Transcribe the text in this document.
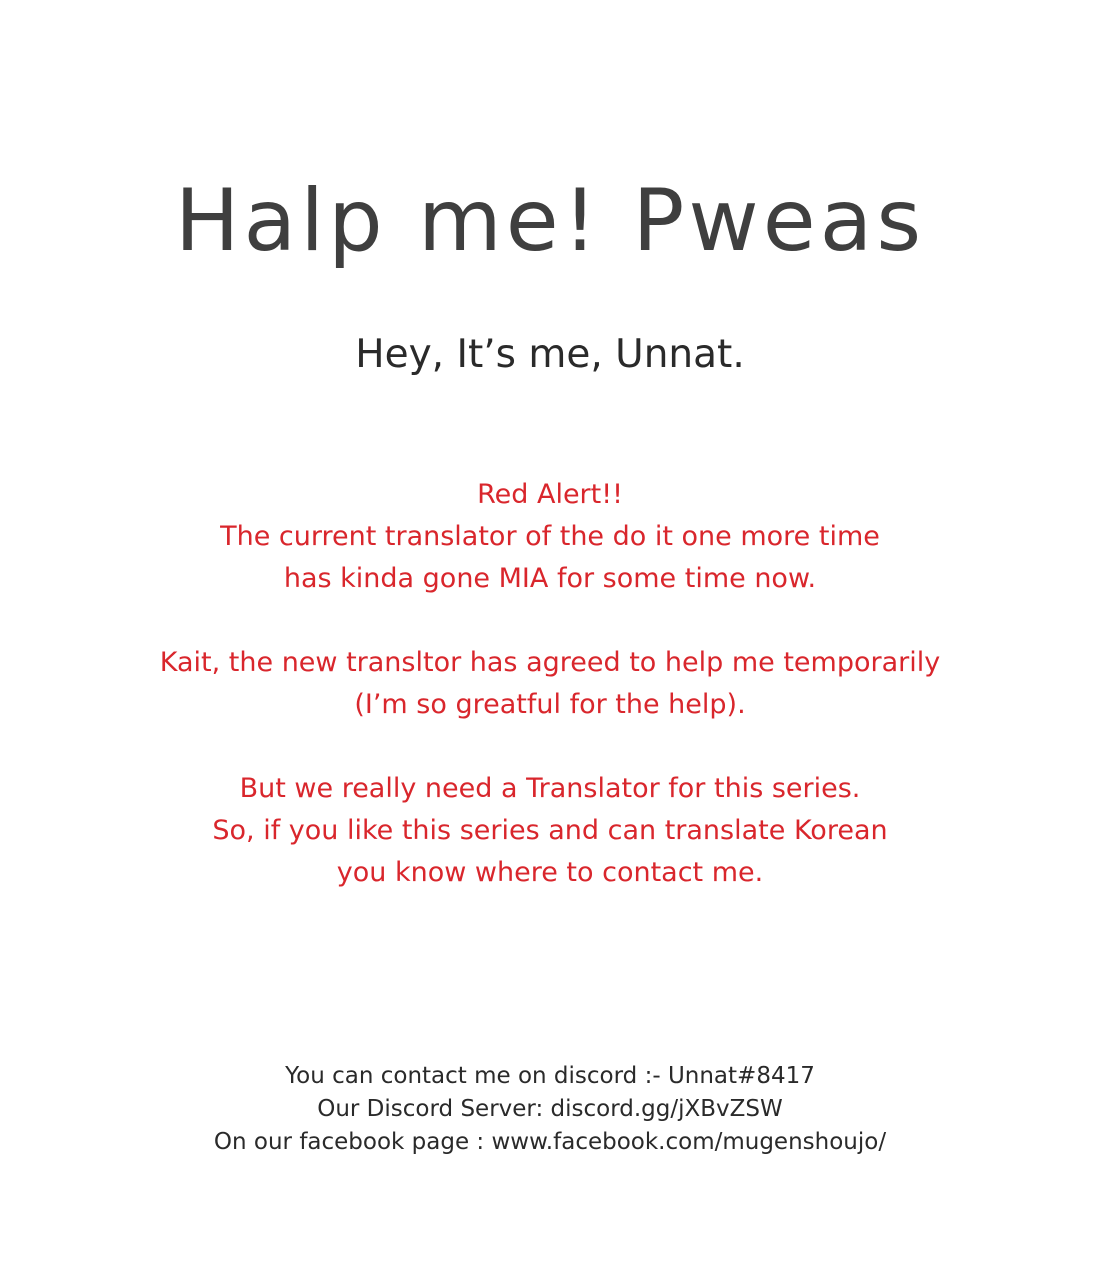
Halp me! Pweas
Hey, It’s me, Unnat.
Red Alert!!
The current translator of the do it one more time
has kinda gone MIA for some time now.
Kait, the new transltor has agreed to help me temporarily
(I’m so greatful for the help).
But we really need a Translator for this series.
So, if you like this series and can translate Korean
you know where to contact me.
You can contact me on discord :- Unnat#8417
Our Discord Server: discord.gg/jXBvZSW
On our facebook page : www.facebook.com/mugenshoujo/
